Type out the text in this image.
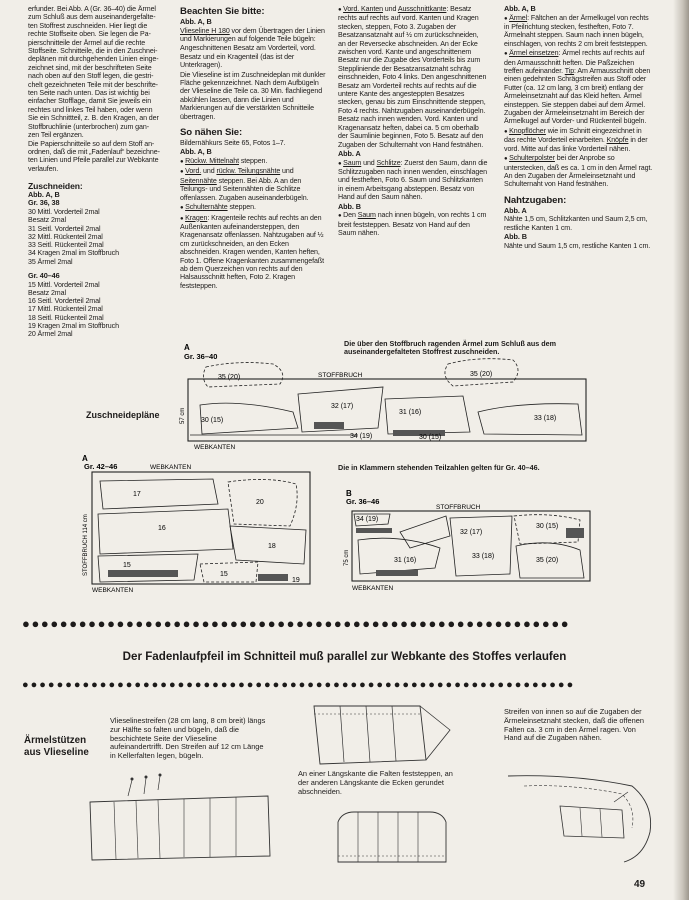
erfunder. Bei Abb. A (Gr. 36–40) die Ärmel
zum Schluß aus dem auseinandergefalte-
ten Stoffrest zuschneiden. Hier liegt die
rechte Stoffseite oben. Sie legen die Pa-
pierschnitteile der Ärmel auf die rechte
Stoffseite. Schnitteile, die in den Zuschnei-
deplänen mit durchgehenden Linien einge-
zeichnet sind, mit der beschrifteten Seite
nach oben auf den Stoff legen, die gestri-
chelt gezeichneten Teile mit der beschrifte-
ten Seite nach unten. Das ist wichtig bei
einfacher Stofflage, damit Sie jeweils ein
rechtes und linkes Teil haben, oder wenn
Sie ein Schnittteil, z. B. den Kragen, an der
Stoffbruchlinie (unterbrochen) zum gan-
zen Teil ergänzen.
Die Papierschnitteile so auf dem Stoff an-
ordnen, daß die mit „Fadenlauf“ bezeichne-
ten Linien und Pfeile parallel zur Webkante
verlaufen.
Zuschneiden:
Abb. A, B
Gr. 36, 38
30 Mittl. Vorderteil 2mal
Besatz 2mal
31 Seitl. Vorderteil 2mal
32 Mittl. Rückenteil 2mal
33 Seitl. Rückenteil 2mal
34 Kragen 2mal im Stoffbruch
35 Ärmel 2mal
Gr. 40–46
15 Mittl. Vorderteil 2mal
Besatz 2mal
16 Seitl. Vorderteil 2mal
17 Mittl. Rückenteil 2mal
18 Seitl. Rückenteil 2mal
19 Kragen 2mal im Stoffbruch
20 Ärmel 2mal
Beachten Sie bitte:
Abb. A, B

Vlieseline H 180 vor dem Übertragen der Linien und Markierungen auf folgende Teile bügeln:

Angeschnittenen Besatz am Vorderteil, vord. Besatz und ein Kragenteil (das ist der Unterkragen).

Die Vlieseline ist im Zuschneideplan mit dunkler Fläche gekennzeichnet. Nach dem Aufbügeln der Vlieseline die Teile ca. 30 Min. flachliegend abkühlen lassen, dann die Linien und Markierungen auf die verstärkten Schnitteile übertragen.

So nähen Sie:

Bildernähkurs Seite 65, Fotos 1–7.

Abb. A, B

● Rückw. Mittelnaht steppen.

● Vord. und rückw. Teilungsnähte und Seitennähte steppen. Bei Abb. A an den Teilungs- und Seitennähten die Schlitze offenlassen. Zugaben auseinanderbügeln.

● Schulternähte steppen.

● Kragen: Kragenteile rechts auf rechts an den Außenkanten aufeinandersteppen, den Kragenansatz offenlassen. Nahtzugaben auf ½ cm zurückschneiden, an den Ecken abschneiden. Kragen wenden, Kanten heften, Foto 1. Offene Kragenkanten zusammengefaßt ab dem Querzeichen von rechts auf den Halsausschnitt heften, Foto 2. Kragen feststeppen.

● Vord. Kanten und Ausschnittkante: Besatz rechts auf rechts auf vord. Kanten und Kragen stecken, steppen, Foto 3. Zugaben der Besatzansatznaht auf ½ cm zurückschneiden, an der Reversecke abschneiden. An der Ecke zwischen vord. Kante und angeschnittenem Besatz nur die Zugabe des Vorderteils bis zum Steppliniende der Besatzansatznaht schräg einschneiden, Foto 4 links. Den angeschnittenen Besatz am Vorderteil rechts auf rechts auf die untere Kante des angesteppten Besatzes stecken, genau bis zum Einschnittende steppen, Foto 4 rechts. Nahtzugaben auseinanderbügeln. Besatz nach innen wenden. Vord. Kanten und Kragenansatz heften, dabei ca. 5 cm oberhalb der Saumlinie beginnen, Foto 5. Besatz auf den Zugaben der Schulternaht von Hand festnähen.

Abb. A

● Saum und Schlitze: Zuerst den Saum, dann die Schlitzzugaben nach innen wenden, einschlagen und festheften, Foto 6. Saum und Schlitzkanten in einem Arbeitsgang absteppen. Besatz von Hand auf den Saum nähen.

Abb. B

● Den Saum nach innen bügeln, von rechts 1 cm breit feststeppen. Besatz von Hand auf den Saum nähen.

Abb. A, B

● Ärmel: Fältchen an der Ärmelkugel von rechts in Pfeilrichtung stecken, festheften, Foto 7. Ärmelnaht steppen. Saum nach innen bügeln, einschlagen, von rechts 2 cm breit feststeppen.

● Ärmel einsetzen: Ärmel rechts auf rechts auf den Armausschnitt heften. Die Paßzeichen treffen aufeinander. Tip: Am Armausschnitt oben einen gedehnten Schrägstreifen aus Stoff oder Futter (ca. 12 cm lang, 3 cm breit) entlang der Ärmeleinsetznaht auf das Kleid heften. Ärmel einsteppen. Sie steppen dabei auf dem Ärmel. Zugaben der Ärmeleinsetznaht im Bereich der Ärmelkugel auf Vorder- und Rückenteil bügeln.

● Knopflöcher wie im Schnitt eingezeichnet in das rechte Vorderteil einarbeiten. Knöpfe in der vord. Mitte auf das linke Vorderteil nähen.

● Schulterpolster bei der Anprobe so unterstecken, daß es ca. 1 cm in den Ärmel ragt. An den Zugaben der Ärmeleinsetznaht und Schulternaht von Hand festnähen.

Nahtzugaben:
Abb. A

Nähte 1,5 cm, Schlitzkanten und Saum 2,5 cm, restliche Kanten 1 cm.

Abb. B

Nähte und Saum 1,5 cm, restliche Kanten 1 cm.

Die über den Stoffbruch ragenden Ärmel zum Schluß aus dem auseinandergefalteten Stoffrest zuschneiden.
Die in Klammern stehenden Teilzahlen gelten für Gr. 40–46.
Zuschneidepläne
A
Gr. 36–40
STOFFBRUCH
57 cm
WEBKANTEN
35 (20)
32 (17)
31 (16)
30 (15)
34 (19)	30 (15)
35 (20)
33 (18)
A
Gr. 42–46	WEBKANTEN
STOFFBRUCH 114 cm
WEBKANTEN
17
20
16
18
15
15
19
B
Gr. 36–46
STOFFBRUCH
75 cm
WEBKANTEN
34 (19)
32 (17)
30 (15)
31 (16)	35 (20)
33 (18)
●●●●●●●●●●●●●●●●●●●●●●●●●●●●●●●●●●●●●●●●●●●●●●●●●●●●●●●●●●
Der Fadenlaufpfeil im Schnitteil muß parallel zur Webkante des Stoffes verlaufen
●●●●●●●●●●●●●●●●●●●●●●●●●●●●●●●●●●●●●●●●●●●●●●●●●●●●●●●●●●●●●●●●
Ärmelstützen aus Vlieseline
Vlieselinestreifen (28 cm lang, 8 cm breit) längs zur Hälfte so falten und bügeln, daß die beschichtete Seite der Vlieseline aufeinandertrifft. Den Streifen auf 12 cm Länge in Kellerfalten legen, bügeln.
An einer Längskante die Falten feststeppen, an der anderen Längskante die Ecken gerundet abschneiden.
Streifen von innen so auf die Zugaben der Ärmeleinsetznaht stecken, daß die offenen Falten ca. 3 cm in den Ärmel ragen. Von Hand auf die Zugaben nähen.
49
